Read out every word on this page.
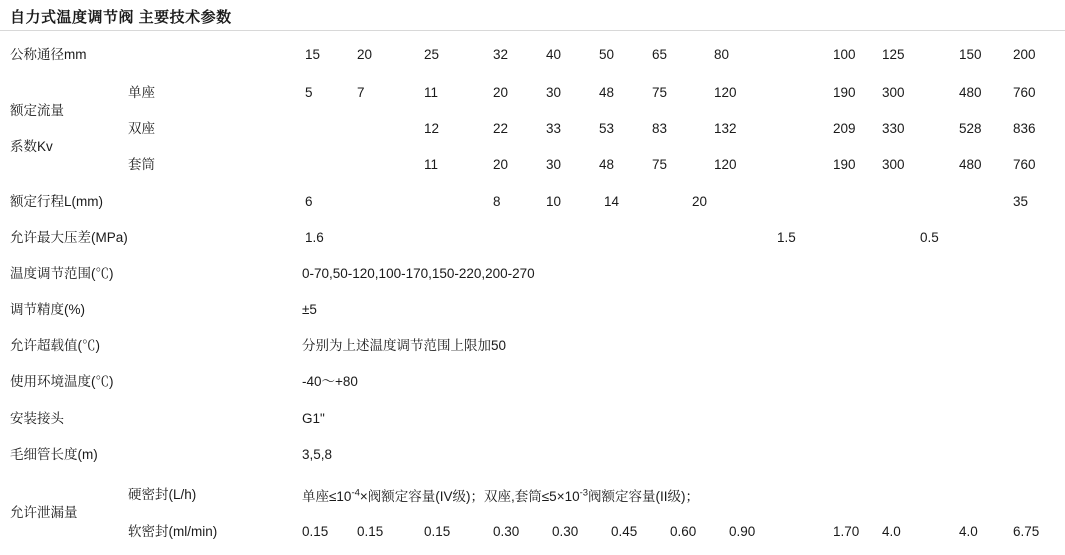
自力式温度调节阀 主要技术参数
公称通径mm	15	20	25	32	40	50	65	80	100 125	150 200
额定流量
系数Kv
单座	5	7	11	20	30	48	75	120	190 300	480 760
双座	12	22	33	53	83	132	209 330	528 836
套筒	11	20	30	48	75	120	190 300	480 760
额定行程L(mm)	6	8	10	14	20	35
允许最大压差(MPa)	1.6	1.5	0.5
温度调节范围(℃)	0-70,50-120,100-170,150-220,200-270
调节精度(%)	±5
允许超载值(℃)	分别为上述温度调节范围上限加50
使用环境温度(℃)	-40～+80
安装接头	G1"
毛细管长度(m)	3,5,8
允许泄漏量
硬密封(L/h)	单座$\le 10^{-4}\times$阀额定容量(IV级)；双座,套筒$\le 5\times 10^{-3}$阀额定容量(II级)；
软密封(ml/min)	0.15 0.15	0.15	0.30 0.30 0.45 0.60 0.90	1.70 4.0	4.0	6.75
